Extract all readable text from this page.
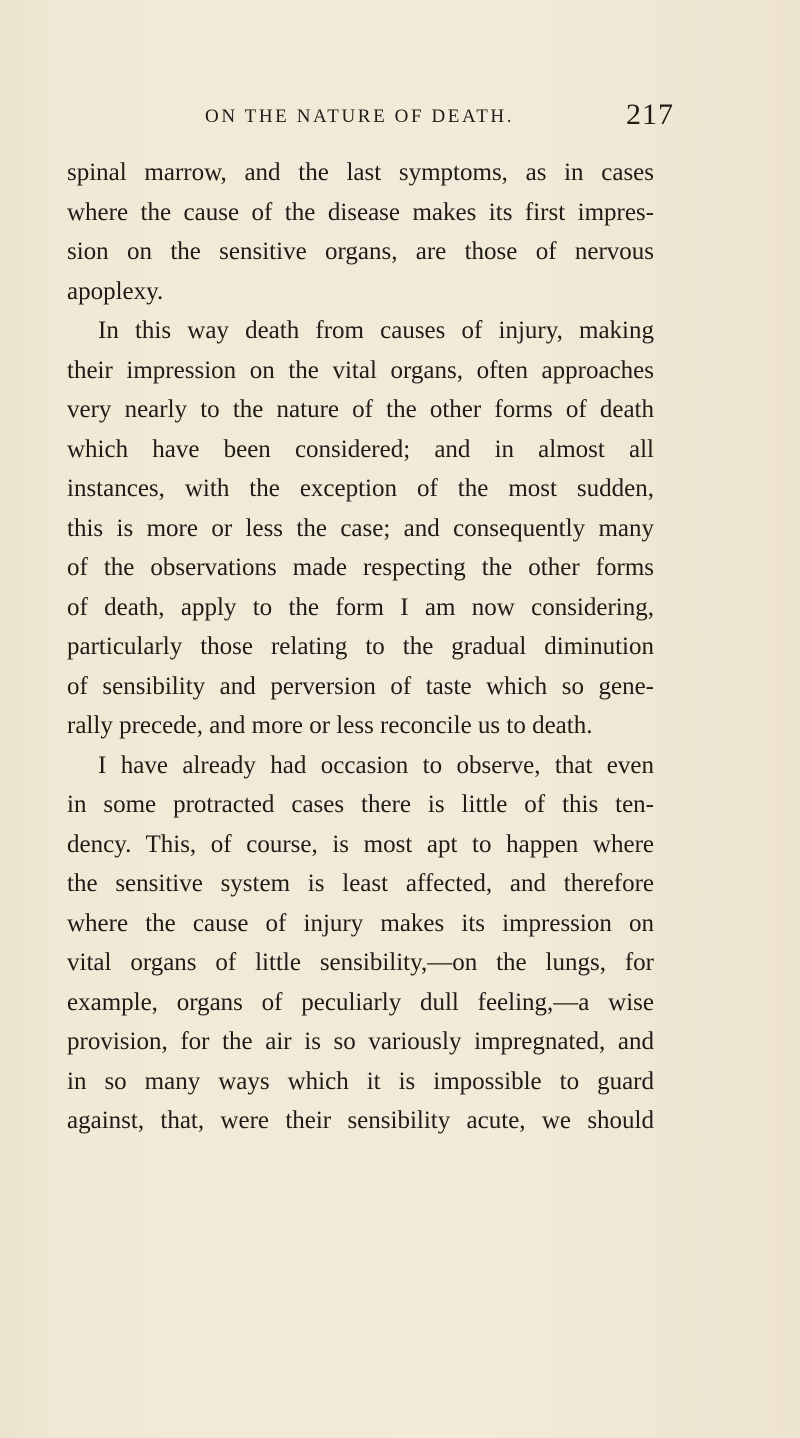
ON THE NATURE OF DEATH.	217
spinal marrow, and the last symptoms, as in cases
where the cause of the disease makes its first impres-
sion on the sensitive organs, are those of nervous
apoplexy.
In this way death from causes of injury, making
their impression on the vital organs, often approaches
very nearly to the nature of the other forms of death
which have been considered; and in almost all
instances, with the exception of the most sudden,
this is more or less the case; and consequently many
of the observations made respecting the other forms
of death, apply to the form I am now considering,
particularly those relating to the gradual diminution
of sensibility and perversion of taste which so gene-
rally precede, and more or less reconcile us to death.
I have already had occasion to observe, that even
in some protracted cases there is little of this ten-
dency. This, of course, is most apt to happen where
the sensitive system is least affected, and therefore
where the cause of injury makes its impression on
vital organs of little sensibility,—on the lungs, for
example, organs of peculiarly dull feeling,—a wise
provision, for the air is so variously impregnated, and
in so many ways which it is impossible to guard
against, that, were their sensibility acute, we should
